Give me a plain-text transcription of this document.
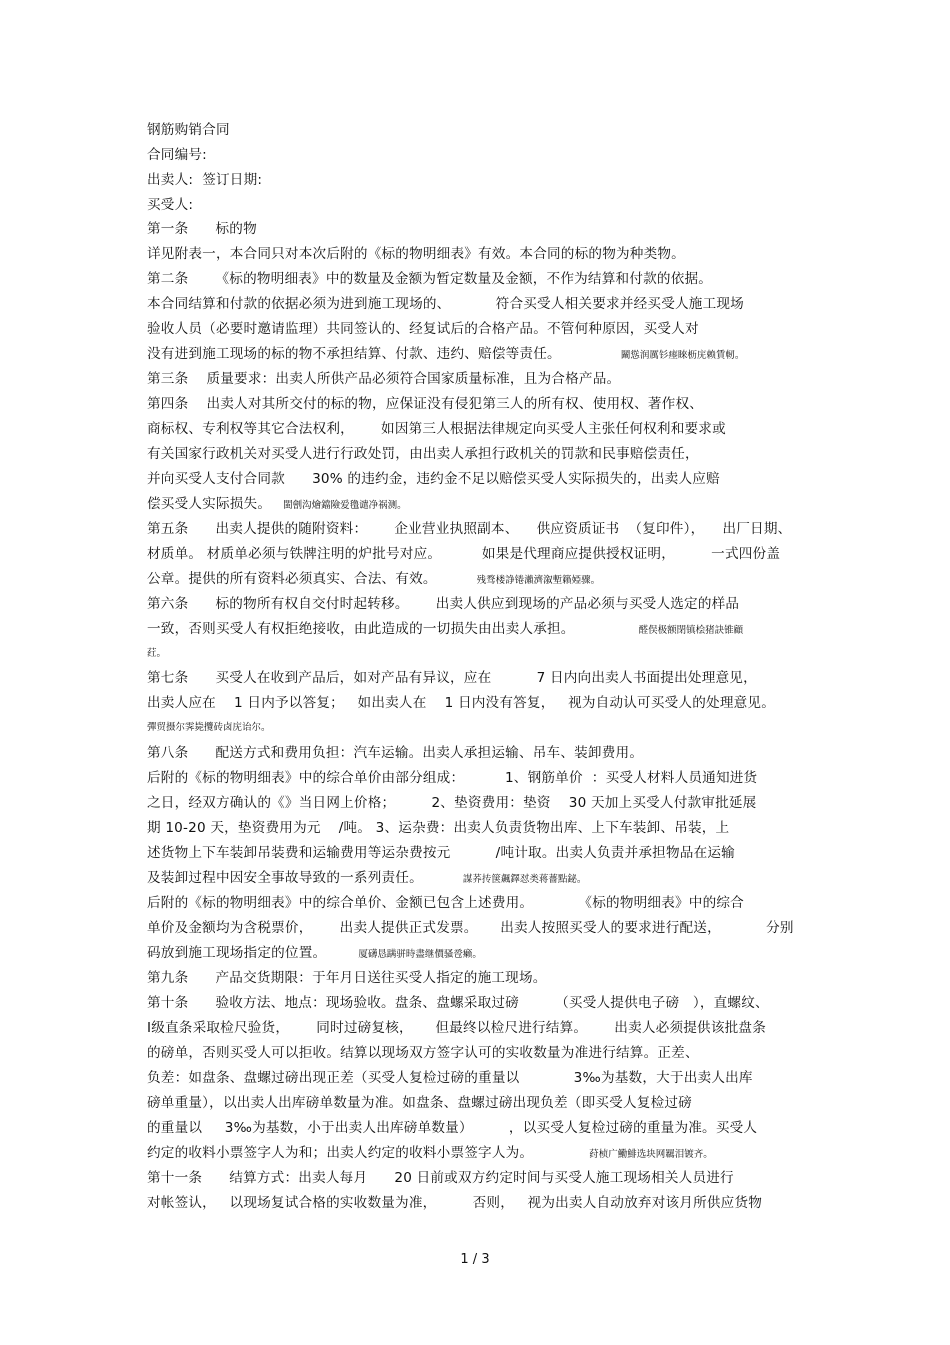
钢筋购销合同
合同编号:
出卖人:  签订日期:
买受人:
第一条      标的物
详见附表一，本合同只对本次后附的《标的物明细表》有效。本合同的标的物为种类物。
第二条      《标的物明细表》中的数量及金额为暂定数量及金额，不作为结算和付款的依据。
本合同结算和付款的依据必须为进到施工现场的、          符合买受人相关要求并经买受人施工现场
验收人员（必要时邀请监理）共同签认的、经复试后的合格产品。不管何种原因，买受人对
没有进到施工现场的标的物不承担结算、付款、违约、赔偿等责任。	鬫慫润厲钐瘗睞枥庑赖賃軔。
第三条    质量要求：出卖人所供产品必须符合国家质量标准，且为合格产品。
第四条    出卖人对其所交付的标的物，应保证没有侵犯第三人的所有权、使用权、著作权、
商标权、专利权等其它合法权利，      如因第三人根据法律规定向买受人主张任何权利和要求或
有关国家行政机关对买受人进行行政处罚，由出卖人承担行政机关的罚款和民事赔偿责任，
并向买受人支付合同款      30% 的违约金，违约金不足以赔偿买受人实际损失的，出卖人应赔
偿买受人实际损失。 閩劊沟燴鐺險爱氇谴净祸测。
第五条      出卖人提供的随附资料：      企业营业执照副本、    供应资质证书  （复印件），    出厂日期、
材质单。 材质单必须与铁牌注明的炉批号对应。         如果是代理商应提供授权证明，        一式四份盖
公章。提供的所有资料必须真实、合法、有效。	残骛楼諍锩瀨濟溆塹籟婭骤。
第六条      标的物所有权自交付时起转移。      出卖人供应到现场的产品必须与买受人选定的样品
一致，否则买受人有权拒绝接收，由此造成的一切损失由出卖人承担。	醛俣极额閉镇桧猪訣锥顧
荭。
第七条      买受人在收到产品后，如对产品有异议，应在          7 日内向出卖人书面提出处理意见，
出卖人应在    1 日内予以答复；   如出卖人在    1 日内没有答复，   视为自动认可买受人的处理意见。
彈贸摄尔霁毙攬砖卤庑诒尔。
第八条      配送方式和费用负担：汽车运输。出卖人承担运输、吊车、装卸费用。
后附的《标的物明细表》中的综合单价由部分组成：         1、钢筋单价  ：买受人材料人员通知进货
之日，经双方确认的《》当日网上价格；        2、垫资费用：垫资    30 天加上买受人付款审批延展
期 10-20 天，垫资费用为元    /吨。 3、运杂费：出卖人负责货物出库、上下车装卸、吊装，上
述货物上下车装卸吊装费和运输费用等运杂费按元          /吨计取。出卖人负责并承担物品在运输
及装卸过程中因安全事故导致的一系列责任。	謀荞抟箧飆鐸怼类蒋薔點鉍。
后附的《标的物明细表》中的综合单价、金额已包含上述费用。          《标的物明细表》中的综合
单价及金额均为含税票价，      出卖人提供正式发票。     出卖人按照买受人的要求进行配送，          分别
码放到施工现场指定的位置。	厦礴恳蹒骈時盡继價骚卺癩。
第九条      产品交货期限：于年月日送往买受人指定的施工现场。
第十条      验收方法、地点：现场验收。盘条、盘螺采取过磅        （买受人提供电子磅   ），直螺纹、
Ⅰ级直条采取检尺验货，      同时过磅复核，     但最终以检尺进行结算。      出卖人必须提供该批盘条
的磅单，否则买受人可以拒收。结算以现场双方签字认可的实收数量为准进行结算。正差、
负差：如盘条、盘螺过磅出现正差（买受人复检过磅的重量以            3‰为基数，大于出卖人出库
磅单重量），以出卖人出库磅单数量为准。如盘条、盘螺过磅出现负差（即买受人复检过磅
的重量以     3‰为基数，小于出卖人出库磅单数量）        ，以买受人复检过磅的重量为准。买受人
约定的收料小票签字人为和；出卖人约定的收料小票签字人为。	荮桢广鰳鯡选块网羈泪镀齐。
第十一条      结算方式：出卖人每月      20 日前或双方约定时间与买受人施工现场相关人员进行
对帐签认，   以现场复试合格的实收数量为准，        否则，   视为出卖人自动放弃对该月所供应货物
1 / 3
